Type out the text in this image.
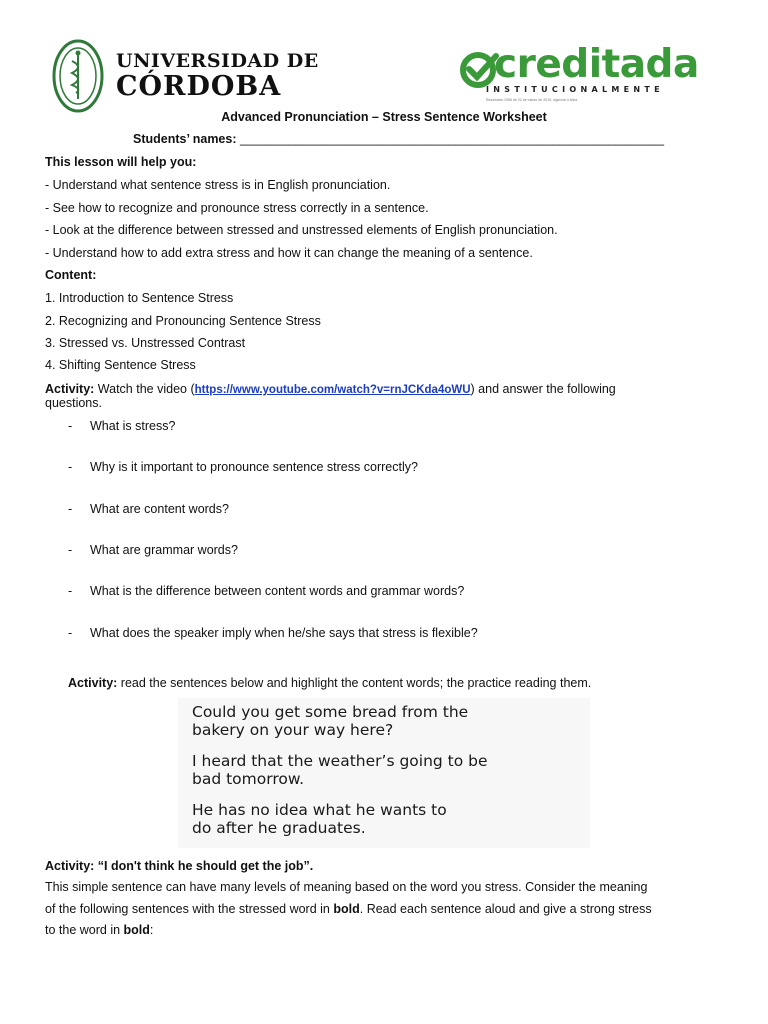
UNIVERSIDAD DE
CÓRDOBA	creditada
INSTITUCIONALMENTE
Resolución 2056 de 22 de marzo de 2019, vigencia 4 años
Advanced Pronunciation – Stress Sentence Worksheet
Students’ names: _____________________________________________________________
This lesson will help you:
- Understand what sentence stress is in English pronunciation.
- See how to recognize and pronounce stress correctly in a sentence.
- Look at the difference between stressed and unstressed elements of English pronunciation.
- Understand how to add extra stress and how it can change the meaning of a sentence.
Content:
1. Introduction to Sentence Stress
2. Recognizing and Pronouncing Sentence Stress
3. Stressed vs. Unstressed Contrast
4. Shifting Sentence Stress
Activity: Watch the video (https://www.youtube.com/watch?v=rnJCKda4oWU) and answer the following
questions.
- What is stress?
- Why is it important to pronounce sentence stress correctly?
- What are content words?
- What are grammar words?
- What is the difference between content words and grammar words?
- What does the speaker imply when he/she says that stress is flexible?
Activity: read the sentences below and highlight the content words; the practice reading them.
Could you get some bread from the
bakery on your way here?
I heard that the weather’s going to be
bad tomorrow.
He has no idea what he wants to
do after he graduates.
Activity: “I don't think he should get the job”.
This simple sentence can have many levels of meaning based on the word you stress. Consider the meaning
of the following sentences with the stressed word in bold. Read each sentence aloud and give a strong stress
to the word in bold:
